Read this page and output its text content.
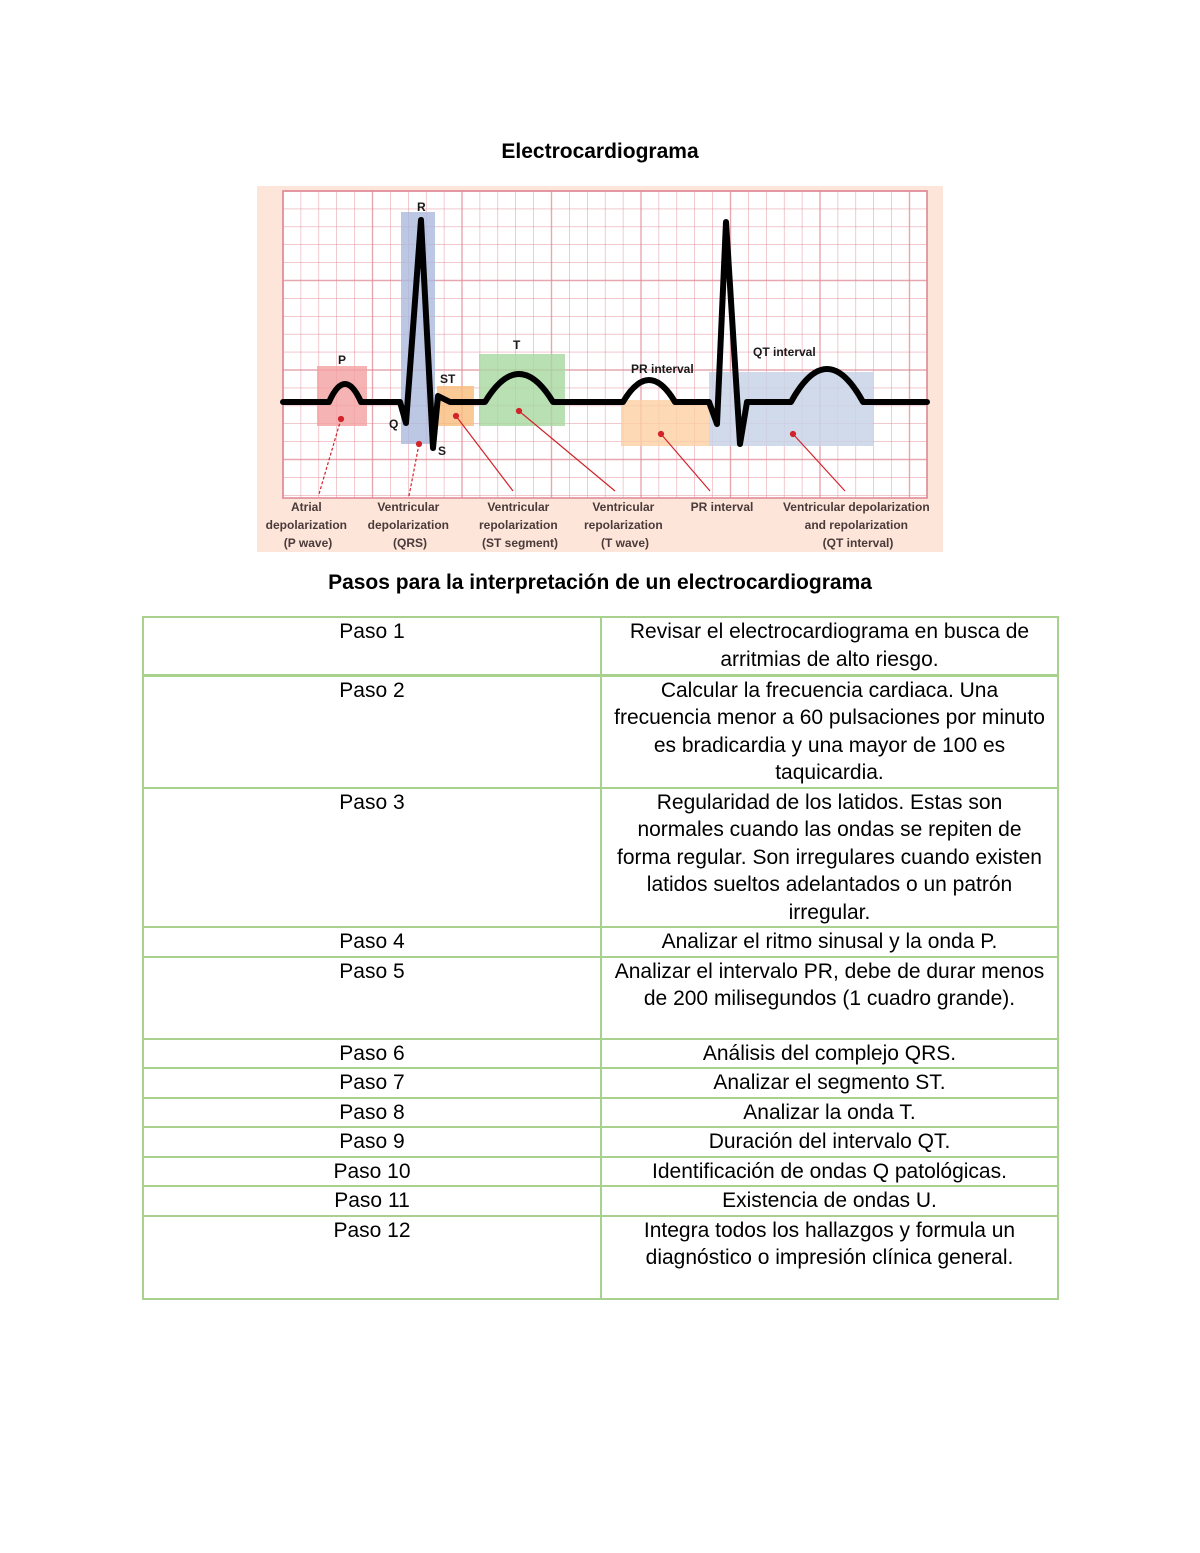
Electrocardiograma
R
P
Q
S
ST
T
PR interval
QT interval
Atrial depolarization (P wave)
Ventricular depolarization (QRS)
Ventricular repolarization (ST segment)
Ventricular repolarization (T wave)
PR interval Ventricular depolarization and repolarization (QT interval)
Pasos para la interpretación de un electrocardiograma
Paso 1	Revisar el electrocardiograma en busca de arritmias de alto riesgo.
Paso 2	Calcular la frecuencia cardiaca. Una frecuencia menor a 60 pulsaciones por minuto es bradicardia y una mayor de 100 es taquicardia.
Paso 3	Regularidad de los latidos. Estas son normales cuando las ondas se repiten de forma regular. Son irregulares cuando existen latidos sueltos adelantados o un patrón irregular.
Paso 4	Analizar el ritmo sinusal y la onda P.
Paso 5	Analizar el intervalo PR, debe de durar menos de 200 milisegundos (1 cuadro grande).
Paso 6	Análisis del complejo QRS.
Paso 7	Analizar el segmento ST.
Paso 8	Analizar la onda T.
Paso 9	Duración del intervalo QT.
Paso 10	Identificación de ondas Q patológicas.
Paso 11	Existencia de ondas U.
Paso 12	Integra todos los hallazgos y formula un diagnóstico o impresión clínica general.
